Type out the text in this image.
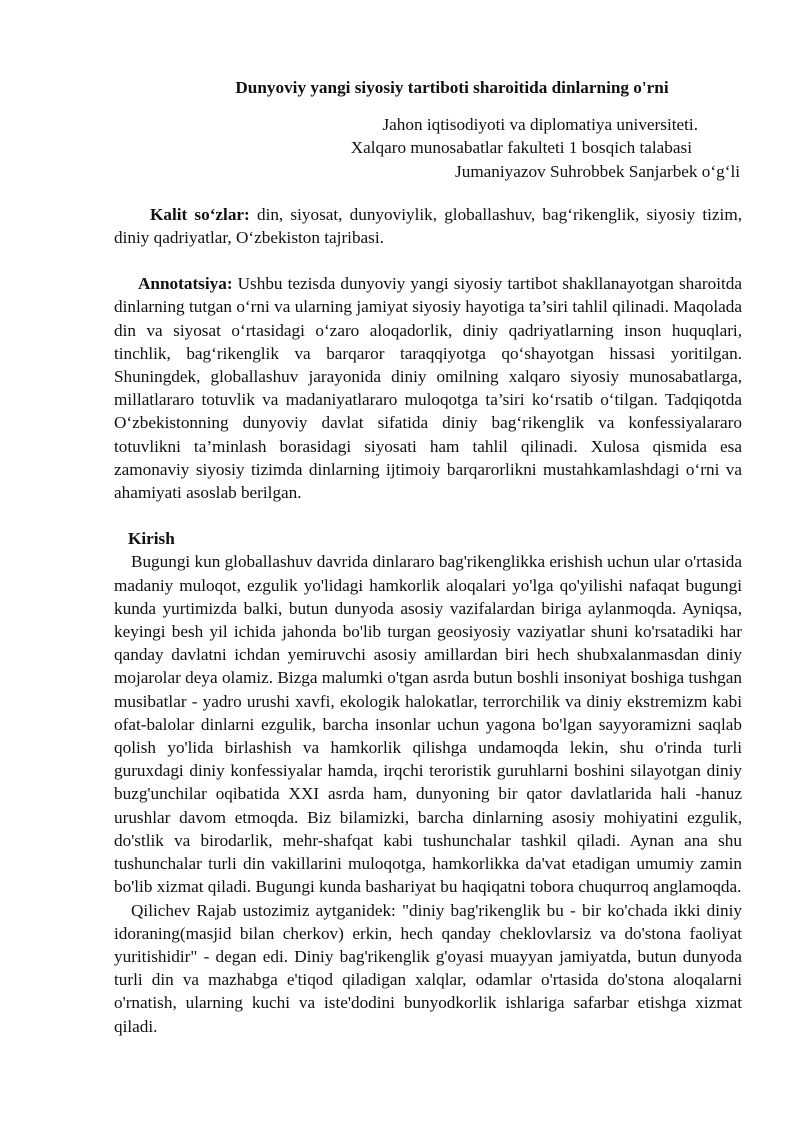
Dunyoviy yangi siyosiy tartiboti sharoitida dinlarning o'rni
Jahon iqtisodiyoti va diplomatiya universiteti.
Xalqaro munosabatlar fakulteti 1 bosqich talabasi
Jumaniyazov Suhrobbek Sanjarbek o‘g‘li

Kalit so‘zlar: din, siyosat, dunyoviylik, globallashuv, bag‘rikenglik, siyosiy tizim, diniy qadriyatlar, O‘zbekiston tajribasi.

Annotatsiya: Ushbu tezisda dunyoviy yangi siyosiy tartibot shakllanayotgan sharoitda dinlarning tutgan o‘rni va ularning jamiyat siyosiy hayotiga ta’siri tahlil qilinadi. Maqolada din va siyosat o‘rtasidagi o‘zaro aloqadorlik, diniy qadriyatlarning inson huquqlari, tinchlik, bag‘rikenglik va barqaror taraqqiyotga qo‘shayotgan hissasi yoritilgan. Shuningdek, globallashuv jarayonida diniy omilning xalqaro siyosiy munosabatlarga, millatlararo totuvlik va madaniyatlararo muloqotga ta’siri ko‘rsatib o‘tilgan. Tadqiqotda O‘zbekistonning dunyoviy davlat sifatida diniy bag‘rikenglik va konfessiyalararo totuvlikni ta’minlash borasidagi siyosati ham tahlil qilinadi. Xulosa qismida esa zamonaviy siyosiy tizimda dinlarning ijtimoiy barqarorlikni mustahkamlashdagi o‘rni va ahamiyati asoslab berilgan.

Kirish

Bugungi kun globallashuv davrida dinlararo bag'rikenglikka erishish uchun ular o'rtasida madaniy muloqot, ezgulik yo'lidagi hamkorlik aloqalari yo'lga qo'yilishi nafaqat bugungi kunda yurtimizda balki, butun dunyoda asosiy vazifalardan biriga aylanmoqda. Ayniqsa, keyingi besh yil ichida jahonda bo'lib turgan geosiyosiy vaziyatlar shuni ko'rsatadiki har qanday davlatni ichdan yemiruvchi asosiy amillardan biri hech shubxalanmasdan diniy mojarolar deya olamiz. Bizga malumki o'tgan asrda butun boshli insoniyat boshiga tushgan musibatlar - yadro urushi xavfi, ekologik halokatlar, terrorchilik va diniy ekstremizm kabi ofat-balolar dinlarni ezgulik, barcha insonlar uchun yagona bo'lgan sayyoramizni saqlab qolish yo'lida birlashish va hamkorlik qilishga undamoqda lekin, shu o'rinda turli guruxdagi diniy konfessiyalar hamda, irqchi teroristik guruhlarni boshini silayotgan diniy buzg'unchilar oqibatida XXI asrda ham, dunyoning bir qator davlatlarida hali -hanuz urushlar davom etmoqda. Biz bilamizki, barcha dinlarning asosiy mohiyatini ezgulik, do'stlik va birodarlik, mehr-shafqat kabi tushunchalar tashkil qiladi. Aynan ana shu tushunchalar turli din vakillarini muloqotga, hamkorlikka da'vat etadigan umumiy zamin bo'lib xizmat qiladi. Bugungi kunda bashariyat bu haqiqatni tobora chuqurroq anglamoqda.

Qilichev Rajab ustozimiz aytganidek: "diniy bag'rikenglik bu - bir ko'chada ikki diniy idoraning(masjid bilan cherkov) erkin, hech qanday cheklovlarsiz va do'stona faoliyat yuritishidir" - degan edi. Diniy bag'rikenglik g'oyasi muayyan jamiyatda, butun dunyoda turli din va mazhabga e'tiqod qiladigan xalqlar, odamlar o'rtasida do'stona aloqalarni o'rnatish, ularning kuchi va iste'dodini bunyodkorlik ishlariga safarbar etishga xizmat qiladi.
